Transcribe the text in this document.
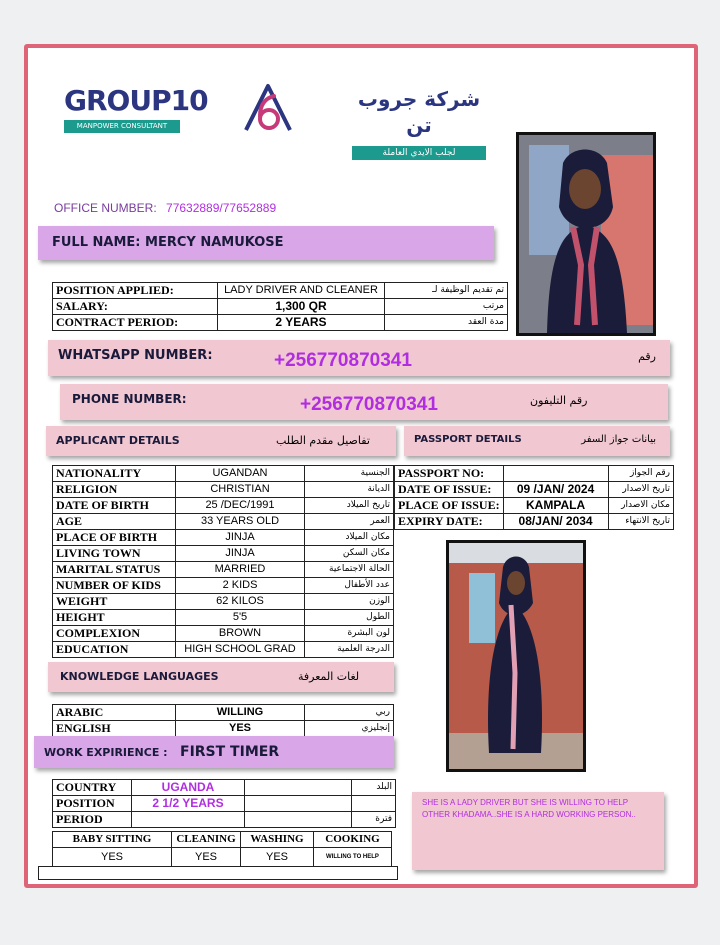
GROUP10
MANPOWER CONSULTANT
شركة جروب تن
لجلب الايدي العاملة
OFFICE NUMBER: 77632889/77652889
FULL NAME: MERCY NAMUKOSE
POSITION APPLIED:	LADY DRIVER AND CLEANER	تم تقديم الوظيفة لـ
SALARY:	1,300 QR	مرتب
CONTRACT PERIOD:	2 YEARS	مدة العقد
WHATSAPP NUMBER:	+256770870341	رقم
PHONE NUMBER:	+256770870341	رقم التليفون
APPLICANT DETAILS	تفاصيل مقدم الطلب	PASSPORT DETAILS	بيانات جواز السفر
NATIONALITY	UGANDAN	الجنسية
RELIGION	CHRISTIAN	الديانة
DATE OF BIRTH	25 /DEC/1991	تاريخ الميلاد
AGE	33 YEARS OLD	العمر
PLACE OF BIRTH	JINJA	مكان الميلاد
LIVING TOWN	JINJA	مكان السكن
MARITAL STATUS	MARRIED	الحالة الاجتماعية
NUMBER OF KIDS	2 KIDS	عدد الأطفال
WEIGHT	62 KILOS	الوزن
HEIGHT	5'5	الطول
COMPLEXION	BROWN	لون البشرة
EDUCATION	HIGH SCHOOL GRAD	الدرجة العلمية
PASSPORT NO:		رقم الجواز
DATE OF ISSUE:	09 /JAN/ 2024	تاريخ الاصدار
PLACE OF ISSUE:	KAMPALA	مكان الاصدار
EXPIRY DATE:	08/JAN/ 2034	تاريخ الانتهاء
KNOWLEDGE LANGUAGES	لغات المعرفة
ARABIC	WILLING	ربي
ENGLISH	YES	إنجليزي
WORK EXPIRIENCE : FIRST TIMER
COUNTRY	UGANDA		البلد
POSITION	2 1/2 YEARS		
PERIOD			فترة
BABY SITTING	CLEANING	WASHING	COOKING
YES	YES	YES	WILLING TO HELP
SHE IS A LADY DRIVER BUT SHE IS WILLING TO HELP OTHER KHADAMA..SHE IS A HARD WORKING PERSON..
